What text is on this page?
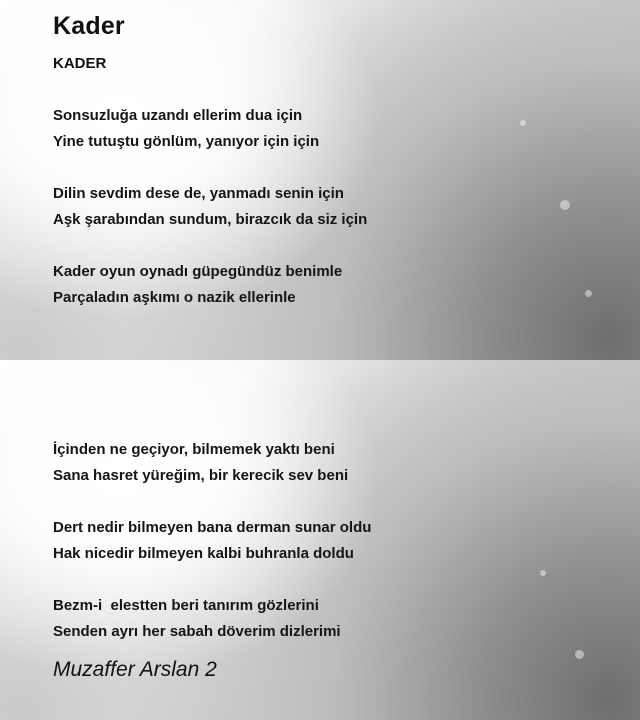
Kader
KADER
Sonsuzluğa uzandı ellerim dua için
Yine tutuştu gönlüm, yanıyor için için
Dilin sevdim dese de, yanmadı senin için
Aşk şarabından sundum, birazcık da siz için
Kader oyun oynadı güpegündüz benimle
Parçaladın aşkımı o nazik ellerinle
İçinden ne geçiyor, bilmemek yaktı beni
Sana hasret yüreğim, bir kerecik sev beni
Dert nedir bilmeyen bana derman sunar oldu
Hak nicedir bilmeyen kalbi buhranla doldu
Bezm-i  elestten beri tanırım gözlerini
Senden ayrı her sabah döverim dizlerimi
Muzaffer Arslan 2
